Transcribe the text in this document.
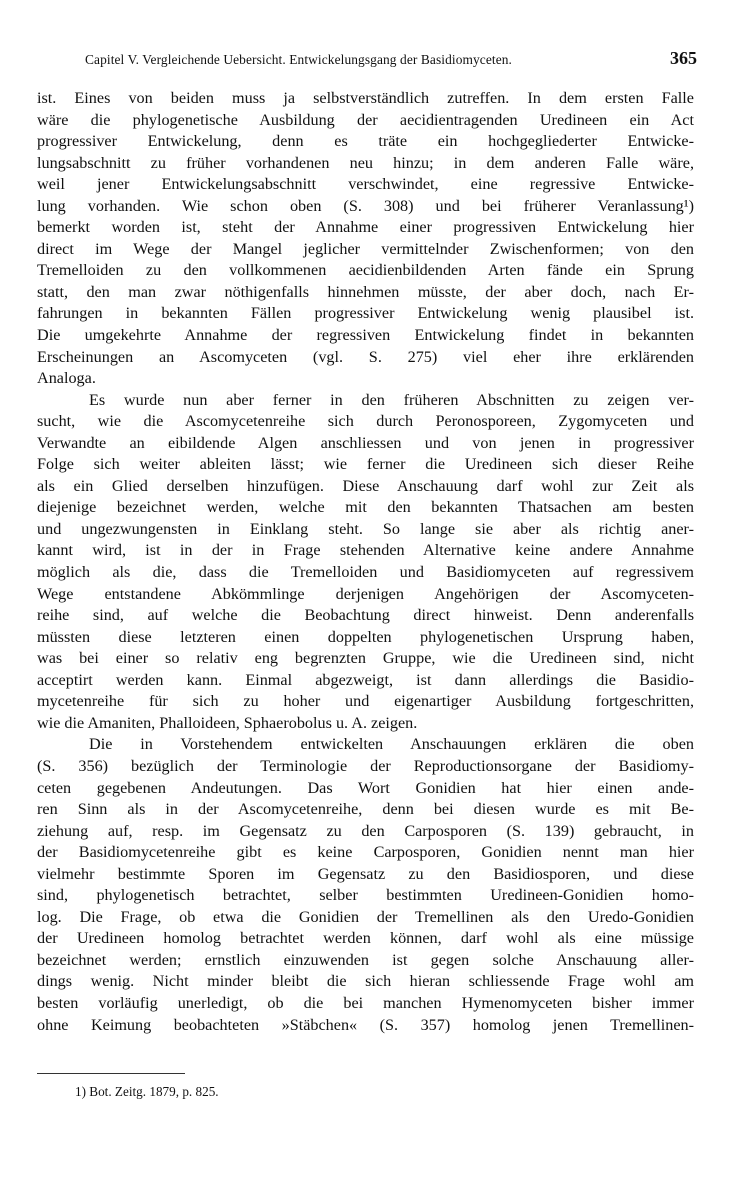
Capitel V. Vergleichende Uebersicht. Entwickelungsgang der Basidiomyceten.	365
ist. Eines von beiden muss ja selbstverständlich zutreffen. In dem ersten Falle
wäre die phylogenetische Ausbildung der aecidientragenden Uredineen ein Act
progressiver Entwickelung, denn es träte ein hochgegliederter Entwicke-
lungsabschnitt zu früher vorhandenen neu hinzu; in dem anderen Falle wäre,
weil jener Entwickelungsabschnitt verschwindet, eine regressive Entwicke-
lung vorhanden. Wie schon oben (S. 308) und bei früherer Veranlassung¹)
bemerkt worden ist, steht der Annahme einer progressiven Entwickelung hier
direct im Wege der Mangel jeglicher vermittelnder Zwischenformen; von den
Tremelloiden zu den vollkommenen aecidienbildenden Arten fände ein Sprung
statt, den man zwar nöthigenfalls hinnehmen müsste, der aber doch, nach Er-
fahrungen in bekannten Fällen progressiver Entwickelung wenig plausibel ist.
Die umgekehrte Annahme der regressiven Entwickelung findet in bekannten
Erscheinungen an Ascomyceten (vgl. S. 275) viel eher ihre erklärenden
Analoga.
Es wurde nun aber ferner in den früheren Abschnitten zu zeigen ver-
sucht, wie die Ascomycetenreihe sich durch Peronosporeen, Zygomyceten und
Verwandte an eibildende Algen anschliessen und von jenen in progressiver
Folge sich weiter ableiten lässt; wie ferner die Uredineen sich dieser Reihe
als ein Glied derselben hinzufügen. Diese Anschauung darf wohl zur Zeit als
diejenige bezeichnet werden, welche mit den bekannten Thatsachen am besten
und ungezwungensten in Einklang steht. So lange sie aber als richtig aner-
kannt wird, ist in der in Frage stehenden Alternative keine andere Annahme
möglich als die, dass die Tremelloiden und Basidiomyceten auf regressivem
Wege entstandene Abkömmlinge derjenigen Angehörigen der Ascomyceten-
reihe sind, auf welche die Beobachtung direct hinweist. Denn anderenfalls
müssten diese letzteren einen doppelten phylogenetischen Ursprung haben,
was bei einer so relativ eng begrenzten Gruppe, wie die Uredineen sind, nicht
acceptirt werden kann. Einmal abgezweigt, ist dann allerdings die Basidio-
mycetenreihe für sich zu hoher und eigenartiger Ausbildung fortgeschritten,
wie die Amaniten, Phalloideen, Sphaerobolus u. A. zeigen.
Die in Vorstehendem entwickelten Anschauungen erklären die oben
(S. 356) bezüglich der Terminologie der Reproductionsorgane der Basidiomy-
ceten gegebenen Andeutungen. Das Wort Gonidien hat hier einen ande-
ren Sinn als in der Ascomycetenreihe, denn bei diesen wurde es mit Be-
ziehung auf, resp. im Gegensatz zu den Carposporen (S. 139) gebraucht, in
der Basidiomycetenreihe gibt es keine Carposporen, Gonidien nennt man hier
vielmehr bestimmte Sporen im Gegensatz zu den Basidiosporen, und diese
sind, phylogenetisch betrachtet, selber bestimmten Uredineen-Gonidien homo-
log. Die Frage, ob etwa die Gonidien der Tremellinen als den Uredo-Gonidien
der Uredineen homolog betrachtet werden können, darf wohl als eine müssige
bezeichnet werden; ernstlich einzuwenden ist gegen solche Anschauung aller-
dings wenig. Nicht minder bleibt die sich hieran schliessende Frage wohl am
besten vorläufig unerledigt, ob die bei manchen Hymenomyceten bisher immer
ohne Keimung beobachteten »Stäbchen« (S. 357) homolog jenen Tremellinen-
1) Bot. Zeitg. 1879, p. 825.
